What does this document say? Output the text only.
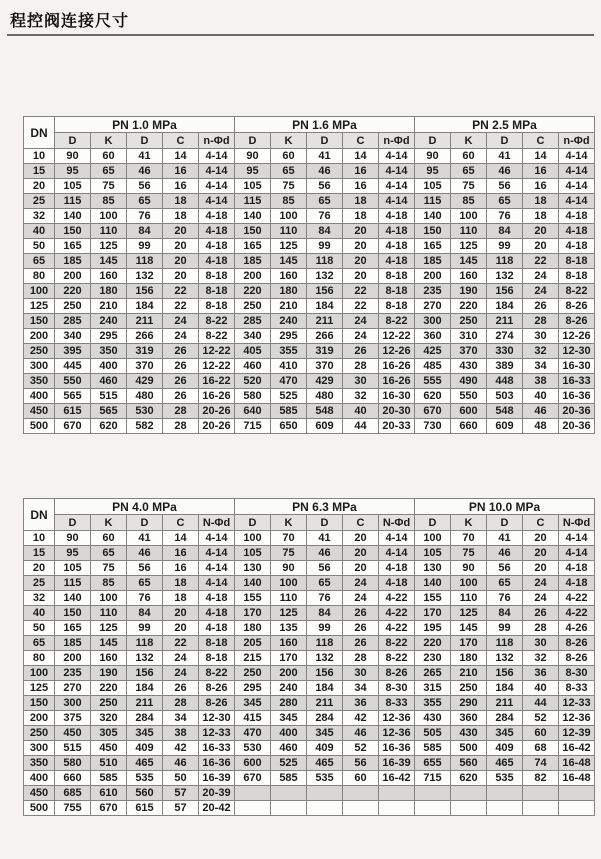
程控阀连接尺寸
DN	PN 1.0 MPa					PN 1.6 MPa					PN 2.5 MPa				
	D	K	D	C	n-Φd	D	K	D	C	n-Φd	D	K	D	C	n-Φd
10	90	60	41	14	4-14	90	60	41	14	4-14	90	60	41	14	4-14
15	95	65	46	16	4-14	95	65	46	16	4-14	95	65	46	16	4-14
20	105	75	56	16	4-14	105	75	56	16	4-14	105	75	56	16	4-14
25	115	85	65	18	4-14	115	85	65	18	4-14	115	85	65	18	4-14
32	140	100	76	18	4-18	140	100	76	18	4-18	140	100	76	18	4-18
40	150	110	84	20	4-18	150	110	84	20	4-18	150	110	84	20	4-18
50	165	125	99	20	4-18	165	125	99	20	4-18	165	125	99	20	4-18
65	185	145	118	20	4-18	185	145	118	20	4-18	185	145	118	22	8-18
80	200	160	132	20	8-18	200	160	132	20	8-18	200	160	132	24	8-18
100	220	180	156	22	8-18	220	180	156	22	8-18	235	190	156	24	8-22
125	250	210	184	22	8-18	250	210	184	22	8-18	270	220	184	26	8-26
150	285	240	211	24	8-22	285	240	211	24	8-22	300	250	211	28	8-26
200	340	295	266	24	8-22	340	295	266	24	12-22	360	310	274	30	12-26
250	395	350	319	26	12-22	405	355	319	26	12-26	425	370	330	32	12-30
300	445	400	370	26	12-22	460	410	370	28	16-26	485	430	389	34	16-30
350	550	460	429	26	16-22	520	470	429	30	16-26	555	490	448	38	16-33
400	565	515	480	26	16-26	580	525	480	32	16-30	620	550	503	40	16-36
450	615	565	530	28	20-26	640	585	548	40	20-30	670	600	548	46	20-36
500	670	620	582	28	20-26	715	650	609	44	20-33	730	660	609	48	20-36
DN	PN 4.0 MPa					PN 6.3 MPa					PN 10.0 MPa				
	D	K	D	C	N-Φd	D	K	D	C	N-Φd	D	K	D	C	N-Φd
10	90	60	41	14	4-14	100	70	41	20	4-14	100	70	41	20	4-14
15	95	65	46	16	4-14	105	75	46	20	4-14	105	75	46	20	4-14
20	105	75	56	16	4-14	130	90	56	20	4-18	130	90	56	20	4-18
25	115	85	65	18	4-14	140	100	65	24	4-18	140	100	65	24	4-18
32	140	100	76	18	4-18	155	110	76	24	4-22	155	110	76	24	4-22
40	150	110	84	20	4-18	170	125	84	26	4-22	170	125	84	26	4-22
50	165	125	99	20	4-18	180	135	99	26	4-22	195	145	99	28	4-26
65	185	145	118	22	8-18	205	160	118	26	8-22	220	170	118	30	8-26
80	200	160	132	24	8-18	215	170	132	28	8-22	230	180	132	32	8-26
100	235	190	156	24	8-22	250	200	156	30	8-26	265	210	156	36	8-30
125	270	220	184	26	8-26	295	240	184	34	8-30	315	250	184	40	8-33
150	300	250	211	28	8-26	345	280	211	36	8-33	355	290	211	44	12-33
200	375	320	284	34	12-30	415	345	284	42	12-36	430	360	284	52	12-36
250	450	305	345	38	12-33	470	400	345	46	12-36	505	430	345	60	12-39
300	515	450	409	42	16-33	530	460	409	52	16-36	585	500	409	68	16-42
350	580	510	465	46	16-36	600	525	465	56	16-39	655	560	465	74	16-48
400	660	585	535	50	16-39	670	585	535	60	16-42	715	620	535	82	16-48
450	685	610	560	57	20-39										
500	755	670	615	57	20-42										
